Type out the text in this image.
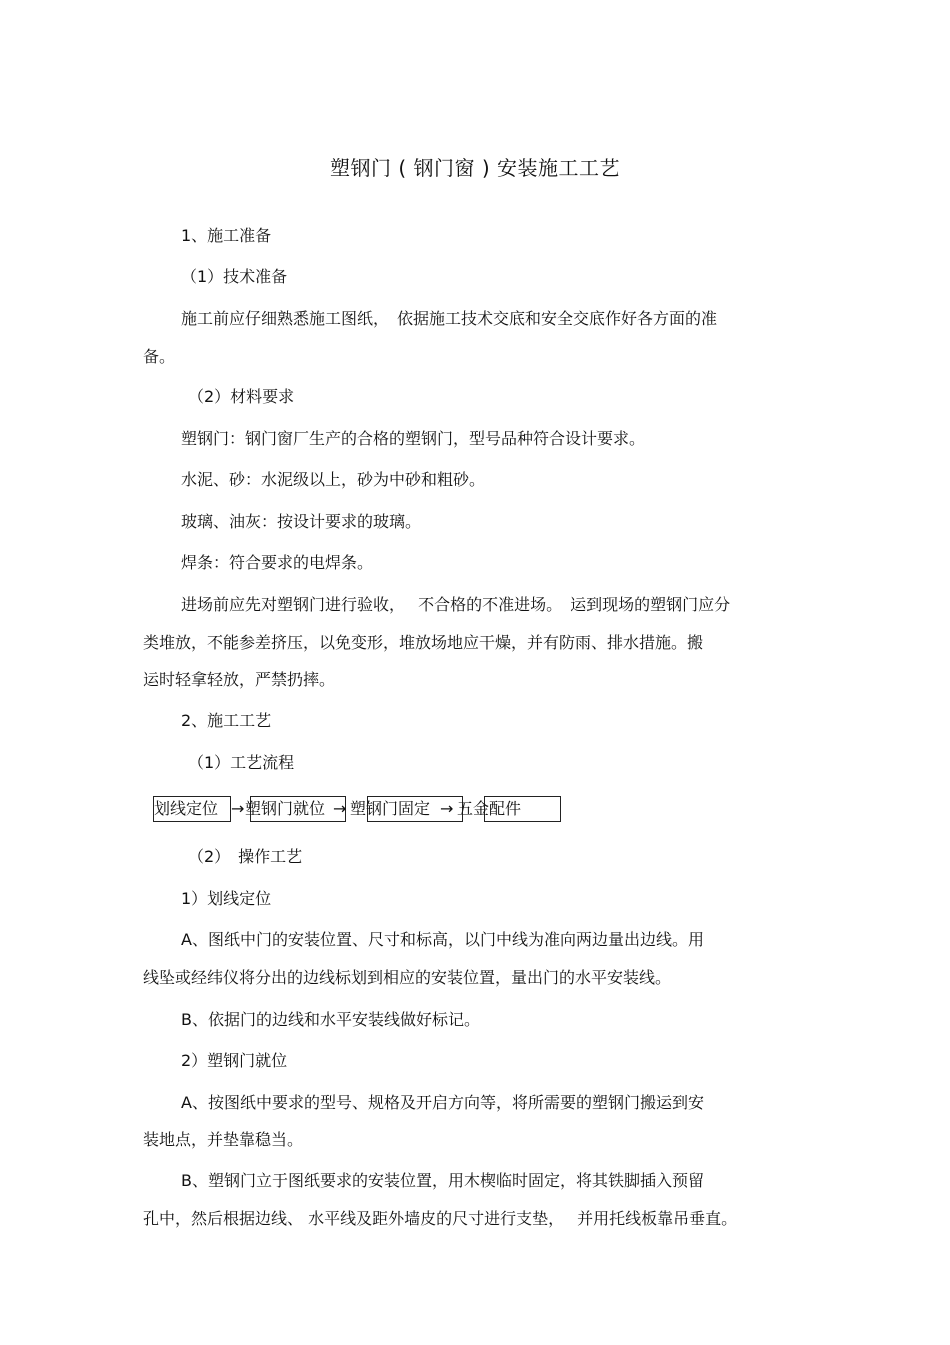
塑钢门 ( 钢门窗 ) 安装施工工艺
1、施工准备
（1）技术准备
施工前应仔细熟悉施工图纸，　依据施工技术交底和安全交底作好各方面的准
备。
（2）材料要求
塑钢门：钢门窗厂生产的合格的塑钢门，型号品种符合设计要求。
水泥、砂：水泥级以上，砂为中砂和粗砂。
玻璃、油灰：按设计要求的玻璃。
焊条：符合要求的电焊条。
进场前应先对塑钢门进行验收，　 不合格的不准进场。　运到现场的塑钢门应分
类堆放，不能参差挤压，以免变形，堆放场地应干燥，并有防雨、排水措施。搬
运时轻拿轻放，严禁扔摔。
2、施工工艺
（1）工艺流程
划线定位 → 塑钢门就位 → 塑钢门固定 → 五金配件
（2）　操作工艺
1）划线定位
A、图纸中门的安装位置、尺寸和标高，以门中线为准向两边量出边线。用
线坠或经纬仪将分出的边线标划到相应的安装位置，量出门的水平安装线。
B、依据门的边线和水平安装线做好标记。
2）塑钢门就位
A、按图纸中要求的型号、规格及开启方向等，将所需要的塑钢门搬运到安
装地点，并垫靠稳当。
B、塑钢门立于图纸要求的安装位置，用木楔临时固定，将其铁脚插入预留
孔中，然后根据边线、 水平线及距外墙皮的尺寸进行支垫，　 并用托线板靠吊垂直。
